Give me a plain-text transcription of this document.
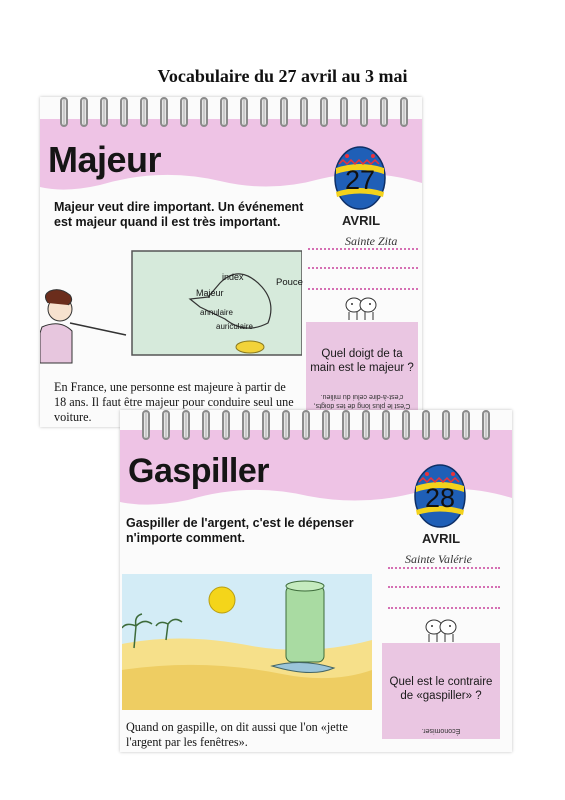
Vocabulaire du 27 avril au 3 mai
Majeur	27
AVRIL
Sainte Zita
Majeur veut dire important. Un événement
est majeur quand il est très important.
index	Pouce
Majeur
annulaire
auriculaire
En France, une personne est majeure à partir de
18 ans. Il faut être majeur pour conduire seul une
voiture.
Quel doigt de ta
main est le majeur ?
C'est le plus long de tes doigts,
c'est-à-dire celui du milieu.
Gaspiller
28
AVRIL
Sainte Valérie
Gaspiller de l'argent, c'est le dépenser
n'importe comment.
Quand on gaspille, on dit aussi que l'on «jette
l'argent par les fenêtres».
Quel est le contraire
de «gaspiller» ?
Économiser.
